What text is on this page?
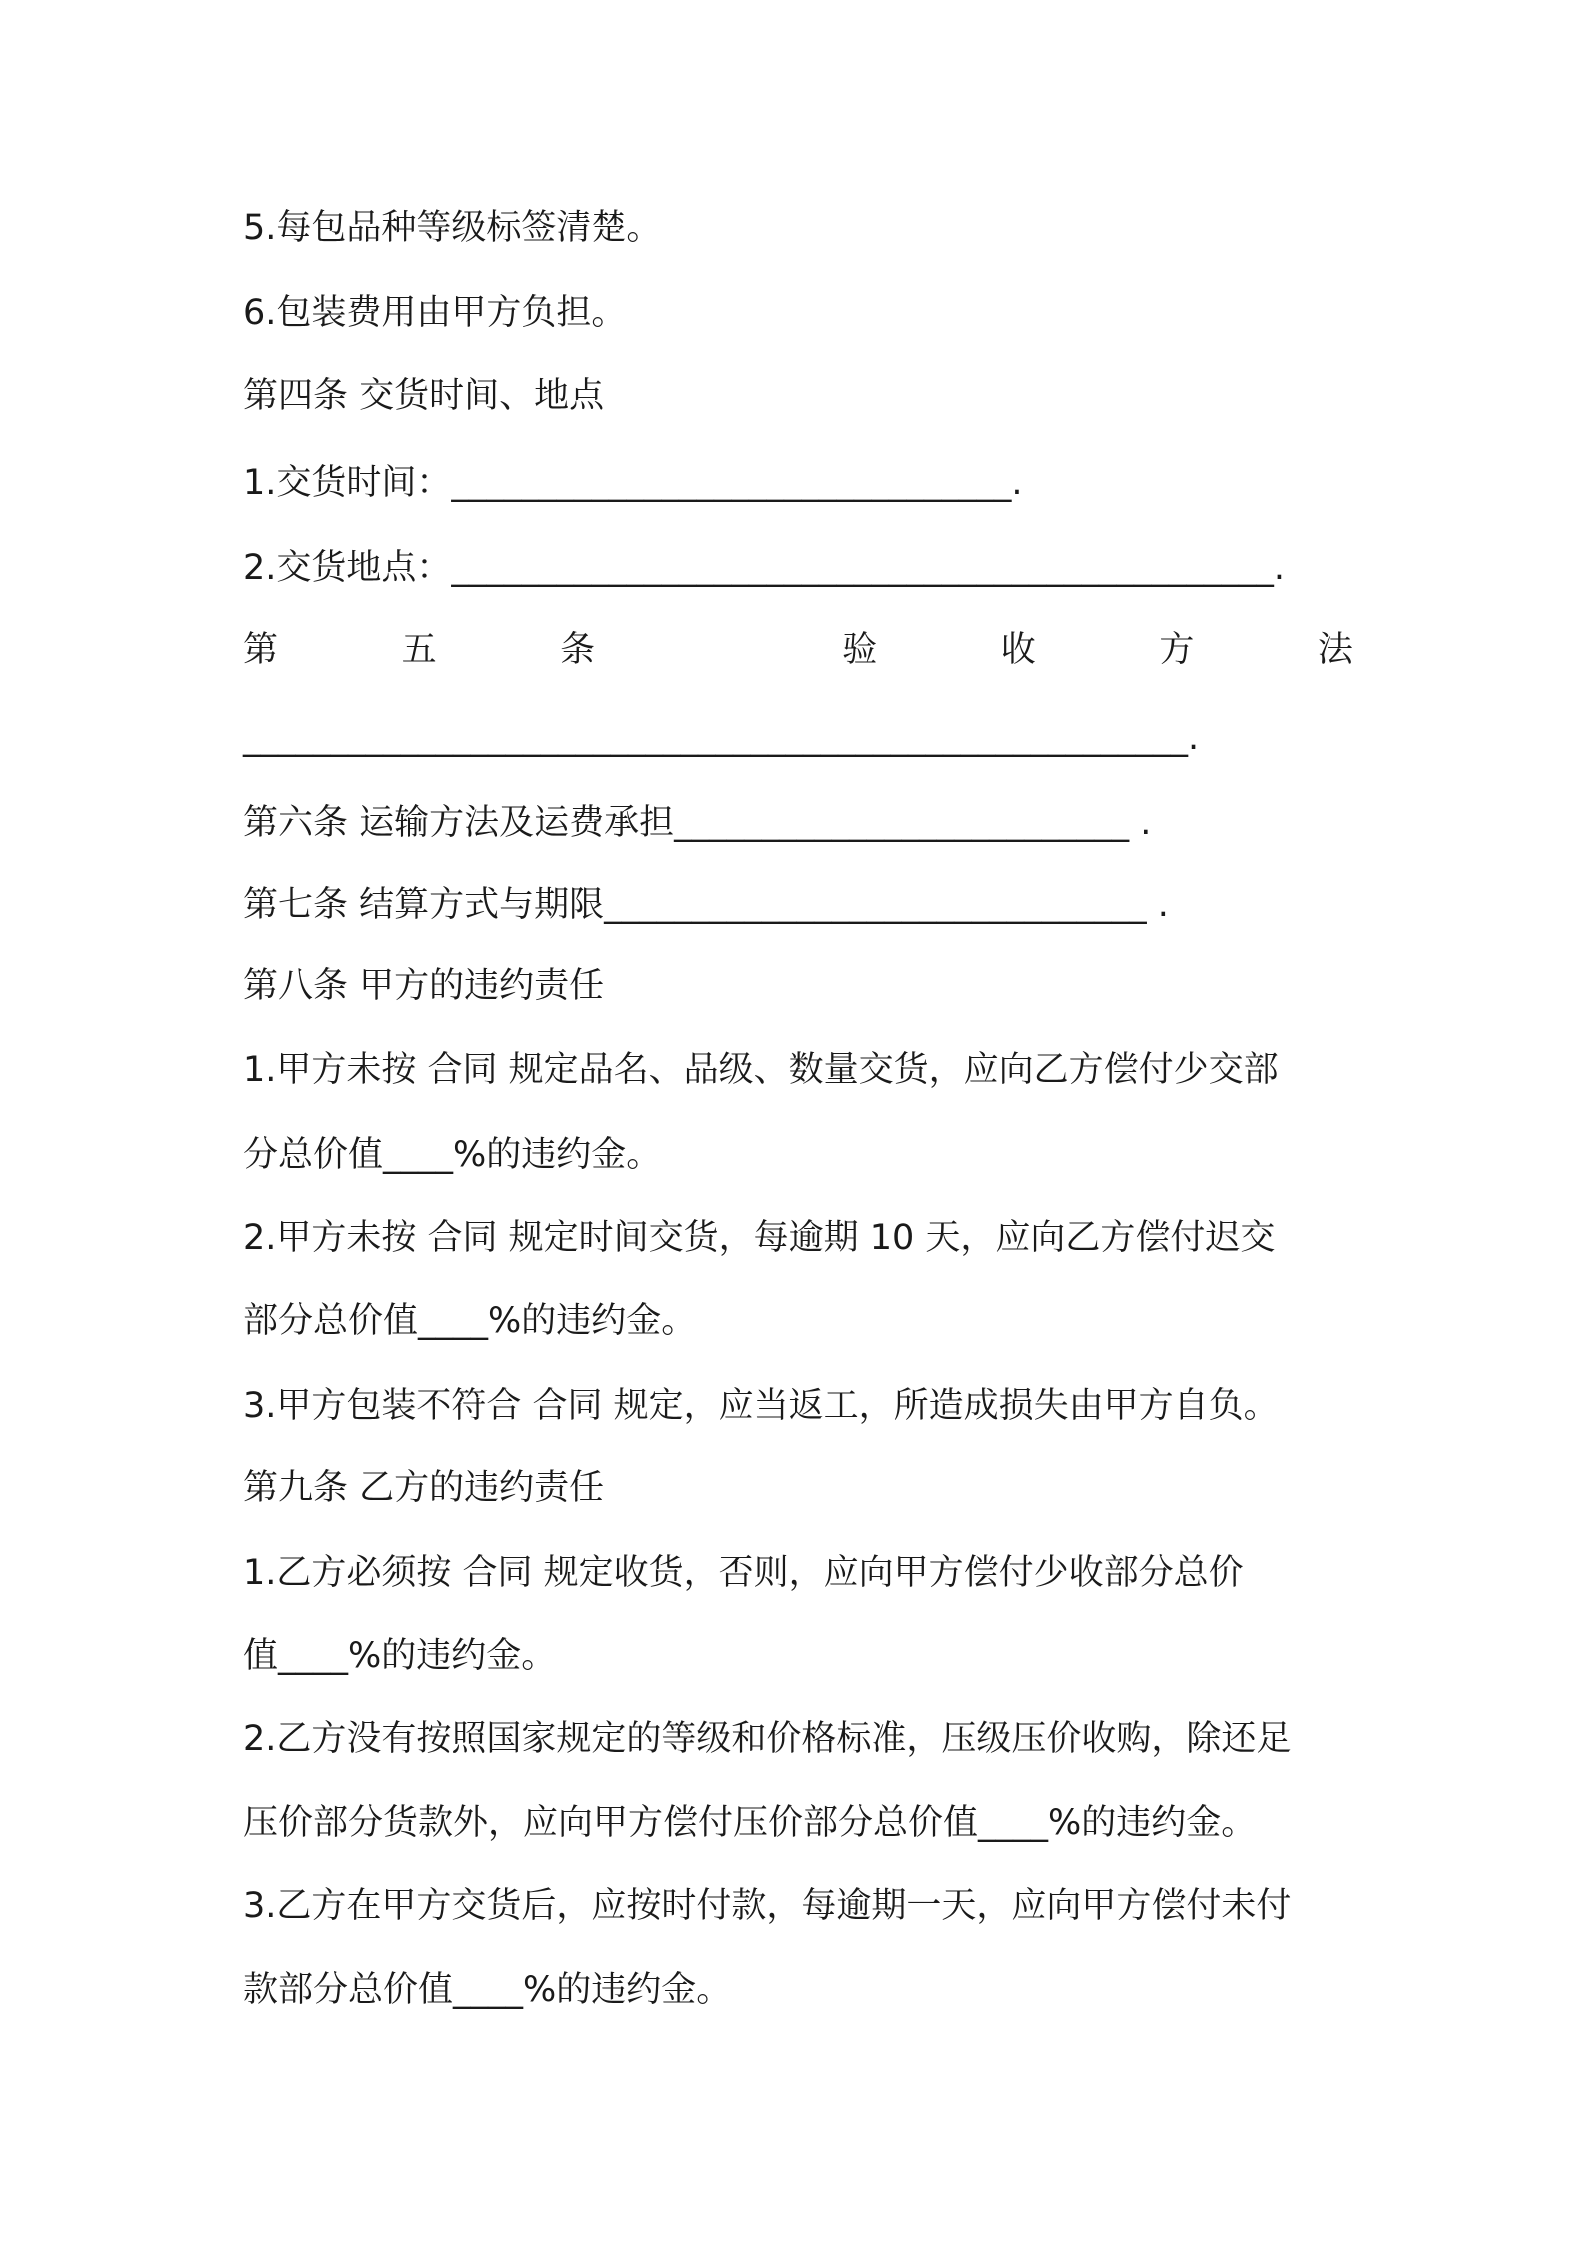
5.每包品种等级标签清楚。
6.包装费用由甲方负担。
第四条 交货时间、地点
1.交货时间：________________________________.
2.交货地点：_______________________________________________.
第	五	条	验	收	方	法
______________________________________________________.
第六条 运输方法及运费承担__________________________ .
第七条 结算方式与期限_______________________________ .
第八条 甲方的违约责任
1.甲方未按 合同 规定品名、品级、数量交货，应向乙方偿付少交部
分总价值____%的违约金。
2.甲方未按 合同 规定时间交货，每逾期 10 天，应向乙方偿付迟交
部分总价值____%的违约金。
3.甲方包装不符合 合同 规定，应当返工，所造成损失由甲方自负。
第九条 乙方的违约责任
1.乙方必须按 合同 规定收货，否则，应向甲方偿付少收部分总价
值____%的违约金。
2.乙方没有按照国家规定的等级和价格标准，压级压价收购，除还足
压价部分货款外，应向甲方偿付压价部分总价值____%的违约金。
3.乙方在甲方交货后，应按时付款，每逾期一天，应向甲方偿付未付
款部分总价值____%的违约金。
